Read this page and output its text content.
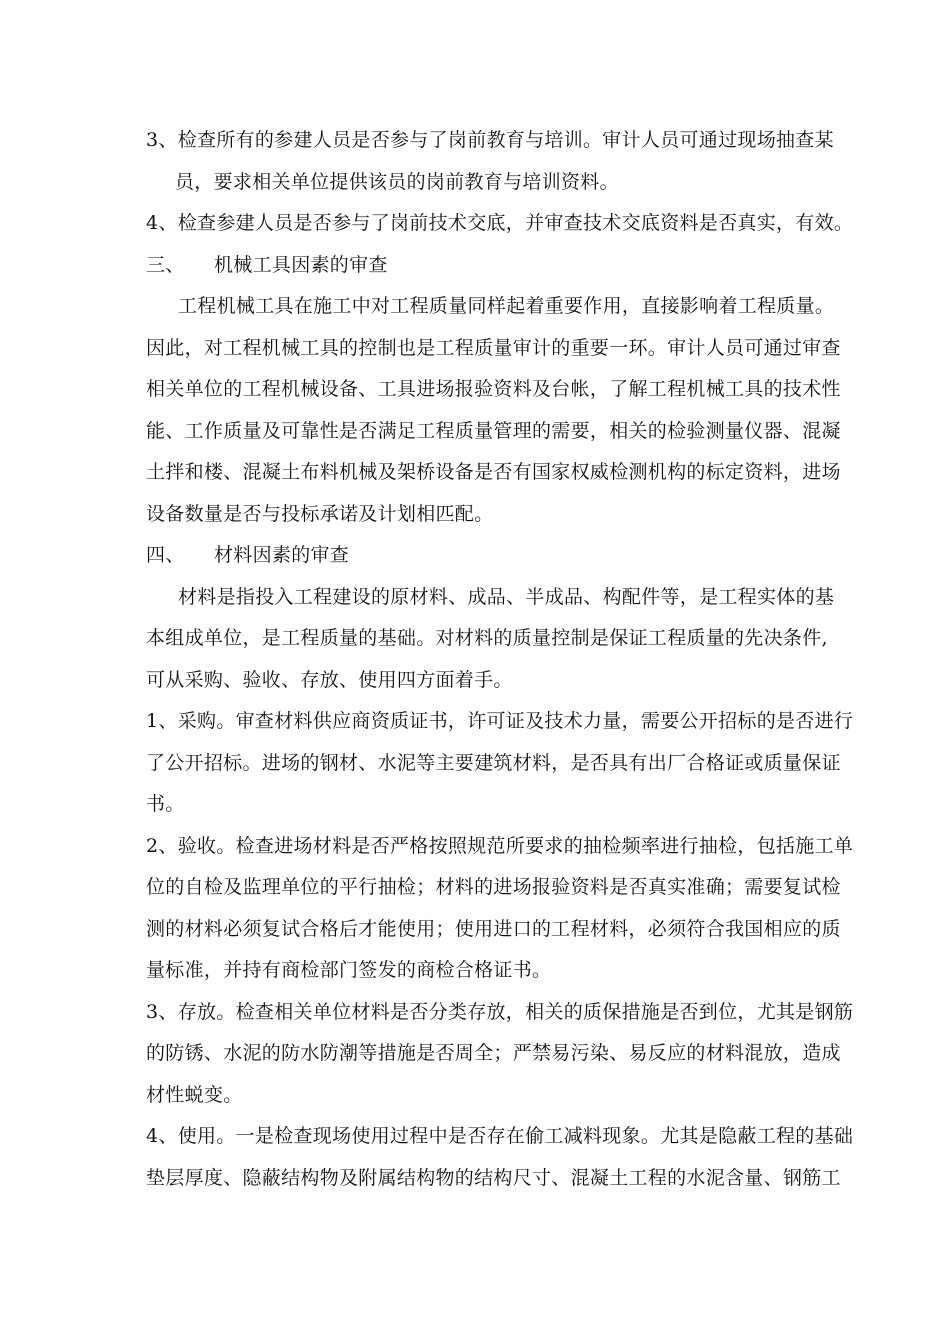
3、检查所有的参建人员是否参与了岗前教育与培训。审计人员可通过现场抽查某
员，要求相关单位提供该员的岗前教育与培训资料。
4、检查参建人员是否参与了岗前技术交底，并审查技术交底资料是否真实，有效。
三、 机械工具因素的审查
工程机械工具在施工中对工程质量同样起着重要作用，直接影响着工程质量。
因此，对工程机械工具的控制也是工程质量审计的重要一环。审计人员可通过审查
相关单位的工程机械设备、工具进场报验资料及台帐，了解工程机械工具的技术性
能、工作质量及可靠性是否满足工程质量管理的需要，相关的检验测量仪器、混凝
土拌和楼、混凝土布料机械及架桥设备是否有国家权威检测机构的标定资料，进场
设备数量是否与投标承诺及计划相匹配。
四、 材料因素的审查
材料是指投入工程建设的原材料、成品、半成品、构配件等，是工程实体的基
本组成单位，是工程质量的基础。对材料的质量控制是保证工程质量的先决条件,
可从采购、验收、存放、使用四方面着手。
1、采购。审查材料供应商资质证书，许可证及技术力量，需要公开招标的是否进行
了公开招标。进场的钢材、水泥等主要建筑材料，是否具有出厂合格证或质量保证
书。
2、验收。检查进场材料是否严格按照规范所要求的抽检频率进行抽检，包括施工单
位的自检及监理单位的平行抽检；材料的进场报验资料是否真实准确；需要复试检
测的材料必须复试合格后才能使用；使用进口的工程材料，必须符合我国相应的质
量标准，并持有商检部门签发的商检合格证书。
3、存放。检查相关单位材料是否分类存放，相关的质保措施是否到位，尤其是钢筋
的防锈、水泥的防水防潮等措施是否周全；严禁易污染、易反应的材料混放，造成
材性蜕变。
4、使用。一是检查现场使用过程中是否存在偷工减料现象。尤其是隐蔽工程的基础
垫层厚度、隐蔽结构物及附属结构物的结构尺寸、混凝土工程的水泥含量、钢筋工
